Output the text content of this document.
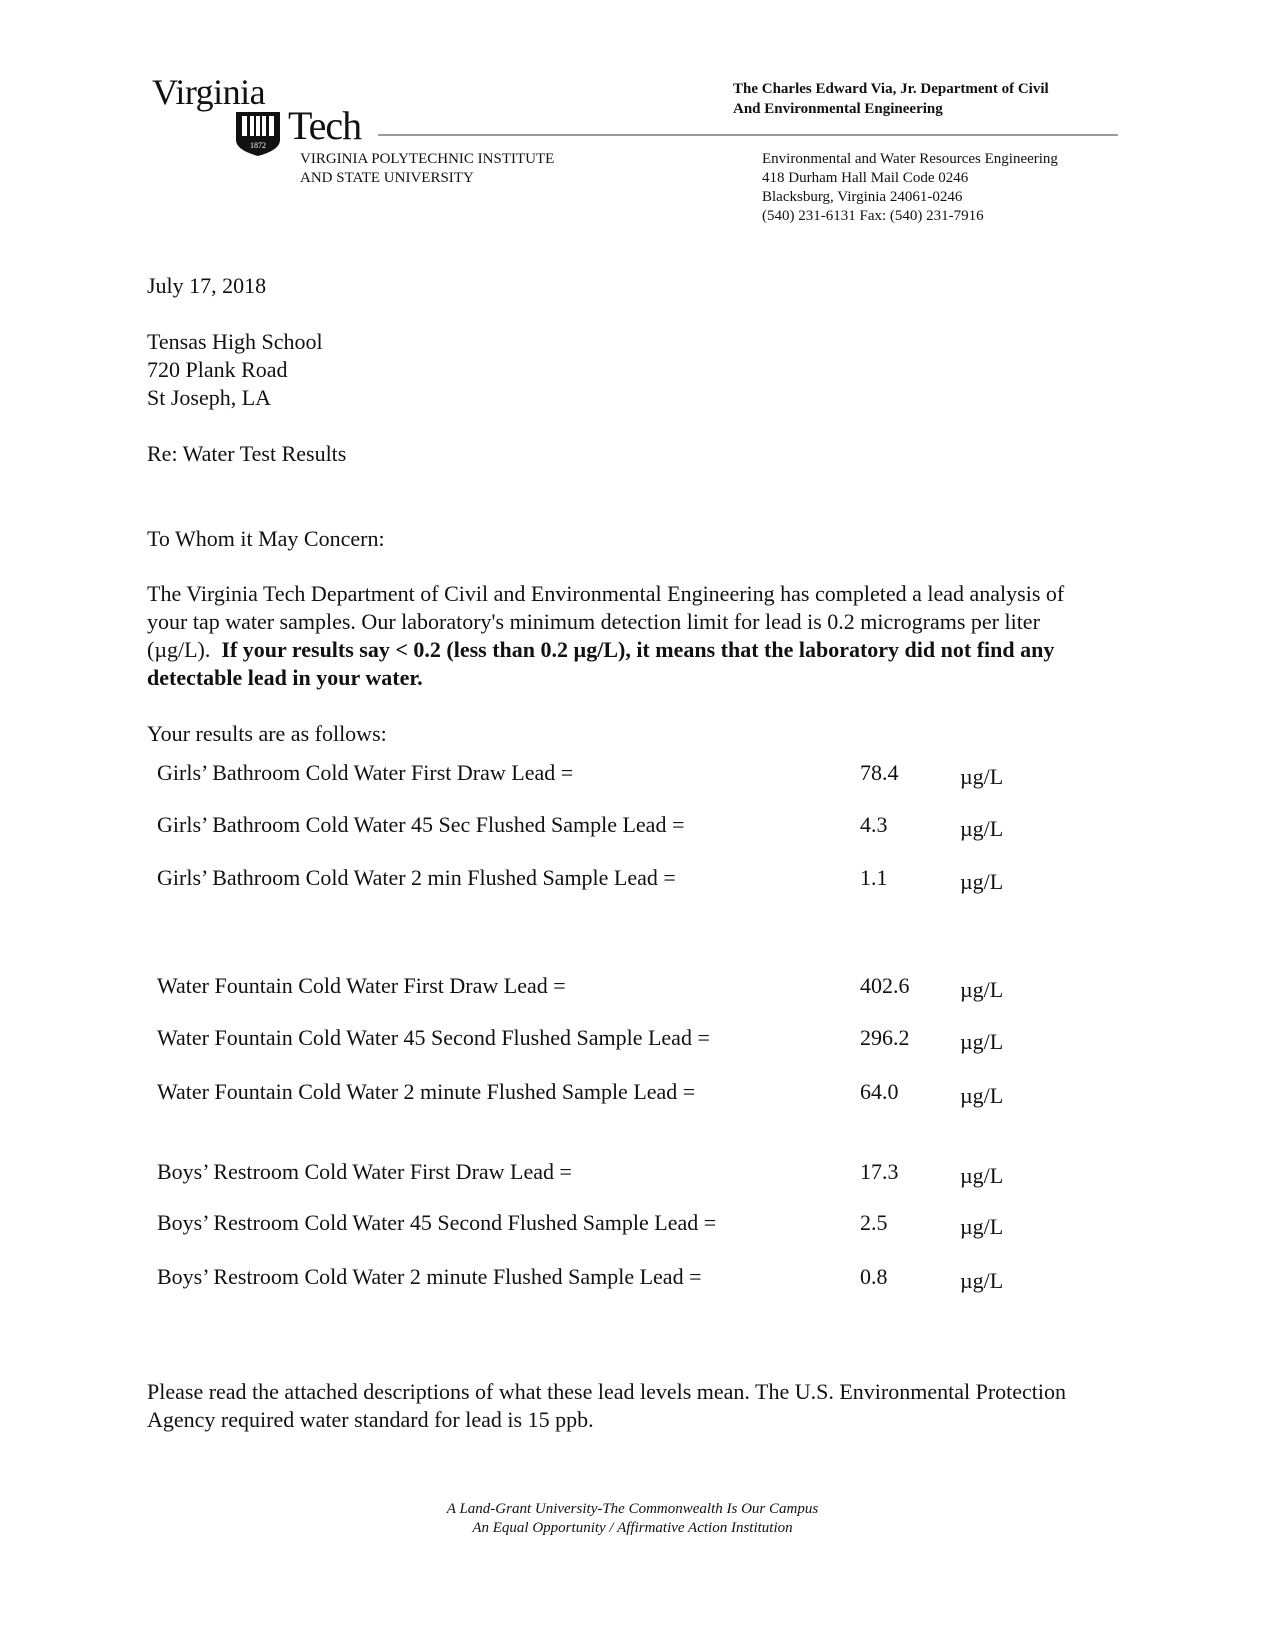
Virginia
1872 Tech
VIRGINIA POLYTECHNIC INSTITUTE
AND STATE UNIVERSITY
The Charles Edward Via, Jr. Department of Civil
And Environmental Engineering
Environmental and Water Resources Engineering
418 Durham Hall Mail Code 0246
Blacksburg, Virginia 24061-0246
(540) 231-6131 Fax: (540) 231-7916
July 17, 2018
Tensas High School
720 Plank Road
St Joseph, LA
Re: Water Test Results
To Whom it May Concern:
The Virginia Tech Department of Civil and Environmental Engineering has completed a lead analysis of your tap water samples. Our laboratory's minimum detection limit for lead is 0.2 micrograms per liter (µg/L). If your results say < 0.2 (less than 0.2 µg/L), it means that the laboratory did not find any detectable lead in your water.
Your results are as follows:
Girls’ Bathroom Cold Water First Draw Lead =	78.4	µg/L
Girls’ Bathroom Cold Water 45 Sec Flushed Sample Lead =	4.3	µg/L
Girls’ Bathroom Cold Water 2 min Flushed Sample Lead =	1.1	µg/L
Water Fountain Cold Water First Draw Lead =	402.6 µg/L
Water Fountain Cold Water 45 Second Flushed Sample Lead =	296.2 µg/L
Water Fountain Cold Water 2 minute Flushed Sample Lead =	64.0	µg/L
Boys’ Restroom Cold Water First Draw Lead =	17.3	µg/L
Boys’ Restroom Cold Water 45 Second Flushed Sample Lead =	2.5	µg/L
Boys’ Restroom Cold Water 2 minute Flushed Sample Lead =	0.8	µg/L
Please read the attached descriptions of what these lead levels mean. The U.S. Environmental Protection Agency required water standard for lead is 15 ppb.
A Land-Grant University-The Commonwealth Is Our Campus
An Equal Opportunity / Affirmative Action Institution
